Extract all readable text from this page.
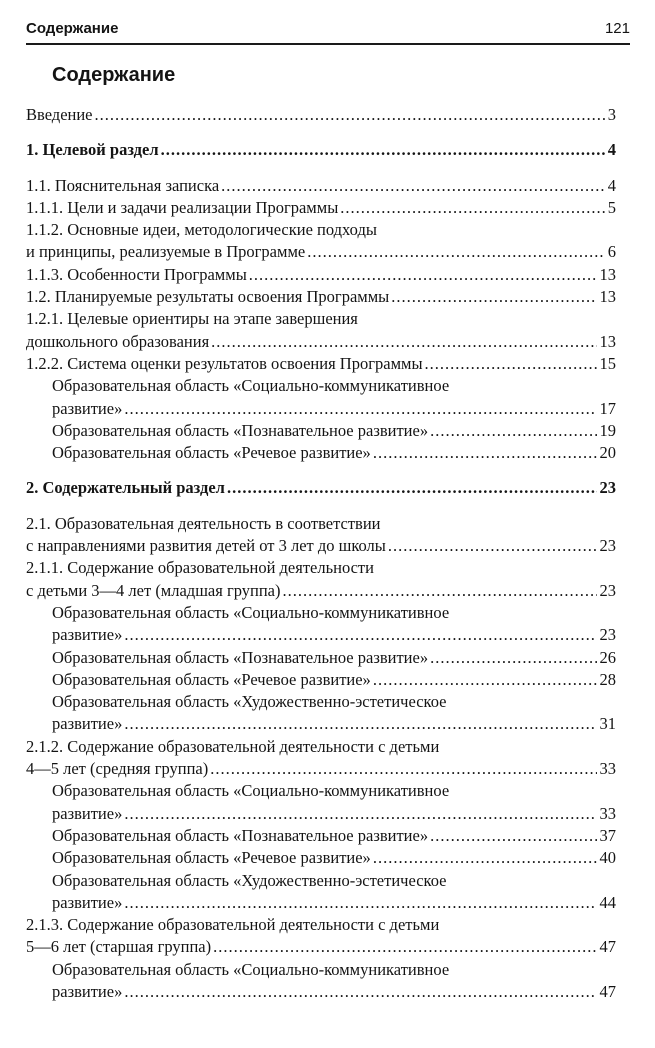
Содержание	121
Содержание
Введение .....	3
1. Целевой раздел .....	4
1.1. Пояснительная записка .....	4
1.1.1. Цели и задачи реализации Программы .....	5
1.1.2. Основные идеи, методологические подходы
и принципы, реализуемые в Программе .....	6
1.1.3. Особенности Программы .....	13
1.2. Планируемые результаты освоения Программы .....	13
1.2.1. Целевые ориентиры на этапе завершения
дошкольного образования .....	13
1.2.2. Система оценки результатов освоения Программы .....	15
Образовательная область «Социально-коммуникативное
развитие» .....	17
Образовательная область «Познавательное развитие» .....	19
Образовательная область «Речевое развитие» .....	20
2. Содержательный раздел .....	23
2.1. Образовательная деятельность в соответствии
с направлениями развития детей от 3 лет до школы .....	23
2.1.1. Содержание образовательной деятельности
с детьми 3—4 лет (младшая группа) .....	23
Образовательная область «Социально-коммуникативное
развитие» .....	23
Образовательная область «Познавательное развитие» .....	26
Образовательная область «Речевое развитие» .....	28
Образовательная область «Художественно-эстетическое
развитие» .....	31
2.1.2. Содержание образовательной деятельности с детьми
4—5 лет (средняя группа) .....	33
Образовательная область «Социально-коммуникативное
развитие» .....	33
Образовательная область «Познавательное развитие» .....	37
Образовательная область «Речевое развитие» .....	40
Образовательная область «Художественно-эстетическое
развитие» .....	44
2.1.3. Содержание образовательной деятельности с детьми
5—6 лет (старшая группа) .....	47
Образовательная область «Социально-коммуникативное
развитие» .....	47
